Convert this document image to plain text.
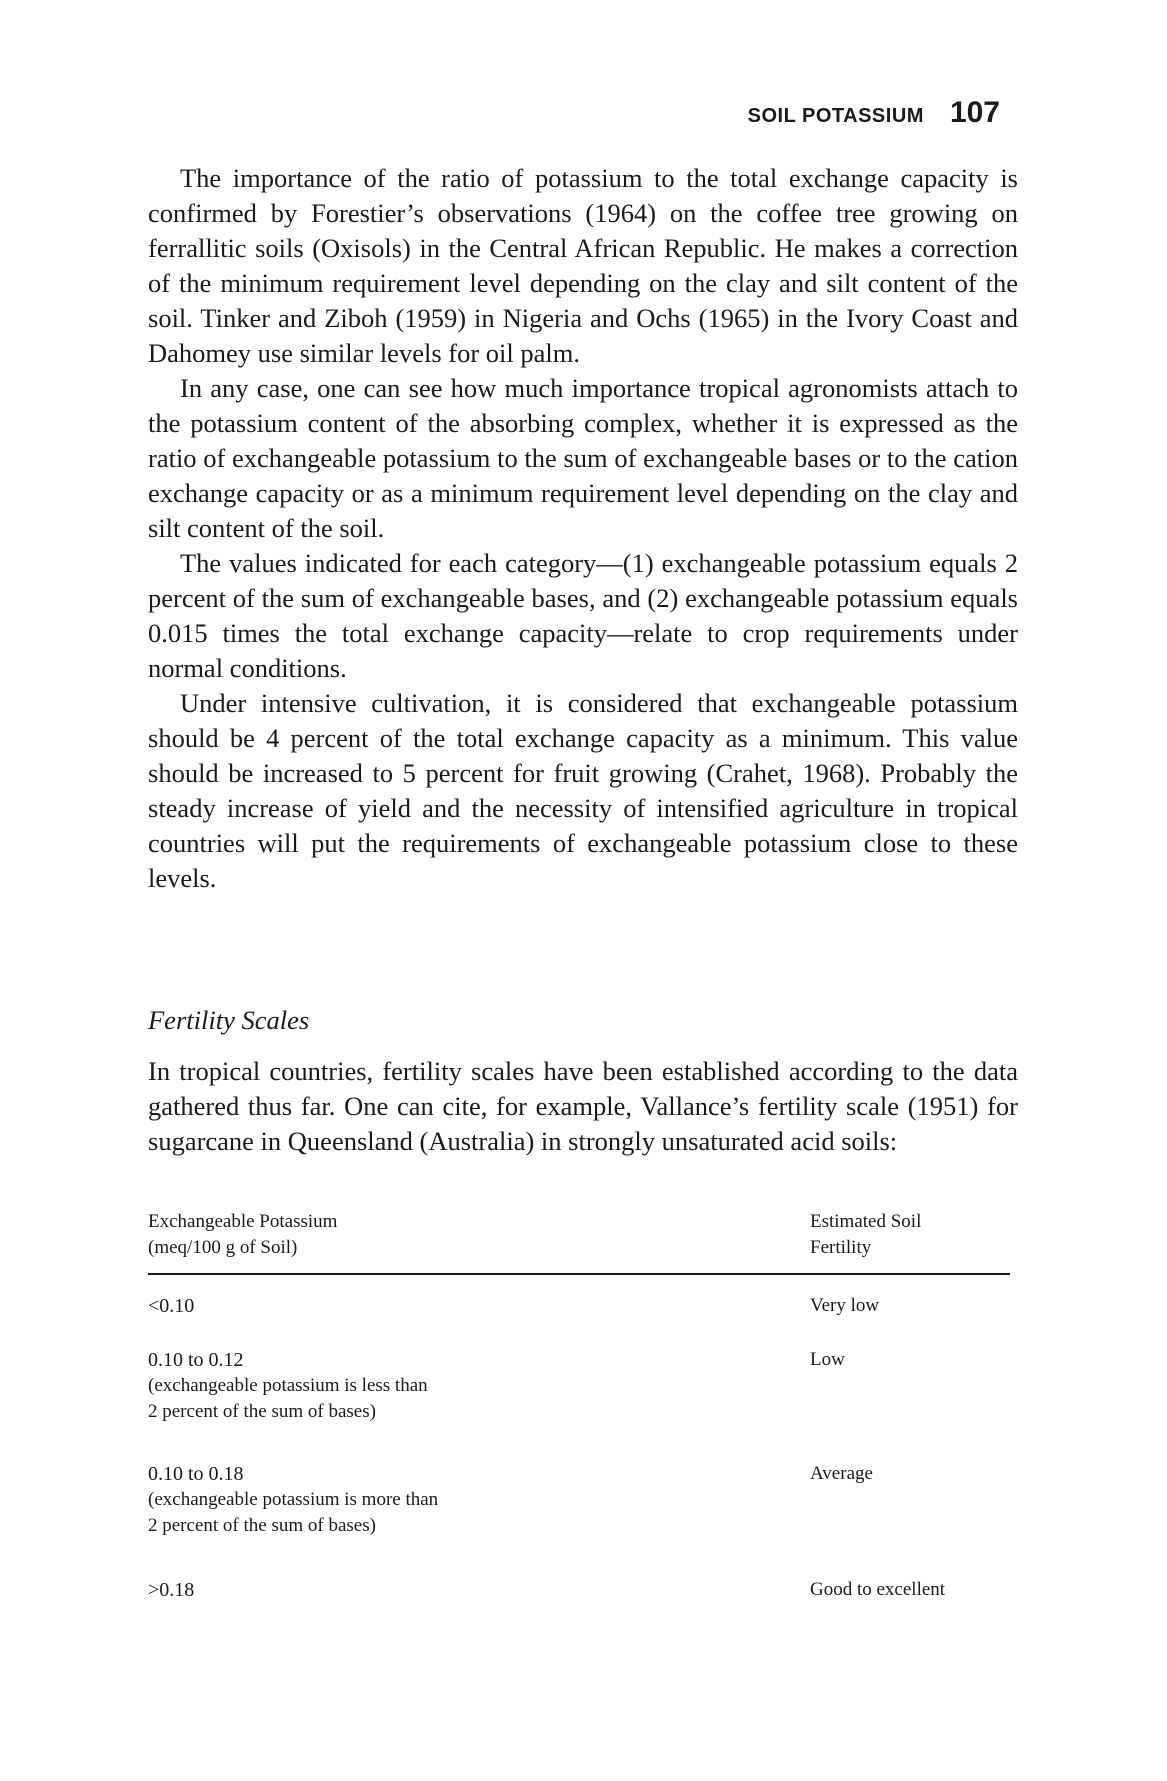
SOIL POTASSIUM 107

The importance of the ratio of potassium to the total exchange capacity is confirmed by Forestier’s observations (1964) on the coffee tree growing on ferrallitic soils (Oxisols) in the Central African Republic. He makes a correction of the minimum requirement level depending on the clay and silt content of the soil. Tinker and Ziboh (1959) in Nigeria and Ochs (1965) in the Ivory Coast and Dahomey use similar levels for oil palm.

In any case, one can see how much importance tropical agronomists attach to the potassium content of the absorbing complex, whether it is expressed as the ratio of exchangeable potassium to the sum of exchangeable bases or to the cation exchange capacity or as a minimum requirement level depending on the clay and silt content of the soil.

The values indicated for each category—(1) exchangeable potassium equals 2 percent of the sum of exchangeable bases, and (2) exchangeable potassium equals 0.015 times the total exchange capacity—relate to crop requirements under normal conditions.

Under intensive cultivation, it is considered that exchangeable potassium should be 4 percent of the total exchange capacity as a minimum. This value should be increased to 5 percent for fruit growing (Crahet, 1968). Probably the steady increase of yield and the necessity of intensified agriculture in tropical countries will put the requirements of exchangeable potassium close to these levels.

Fertility Scales

In tropical countries, fertility scales have been established according to the data gathered thus far. One can cite, for example, Vallance’s fertility scale (1951) for sugarcane in Queensland (Australia) in strongly unsaturated acid soils:

Exchangeable Potassium
(meq/100 g of Soil)
Estimated Soil
Fertility
<0.10	Very low
0.10 to 0.12
(exchangeable potassium is less than
2 percent of the sum of bases)
Low
0.10 to 0.18
(exchangeable potassium is more than
2 percent of the sum of bases)
Average
>0.18	Good to excellent
